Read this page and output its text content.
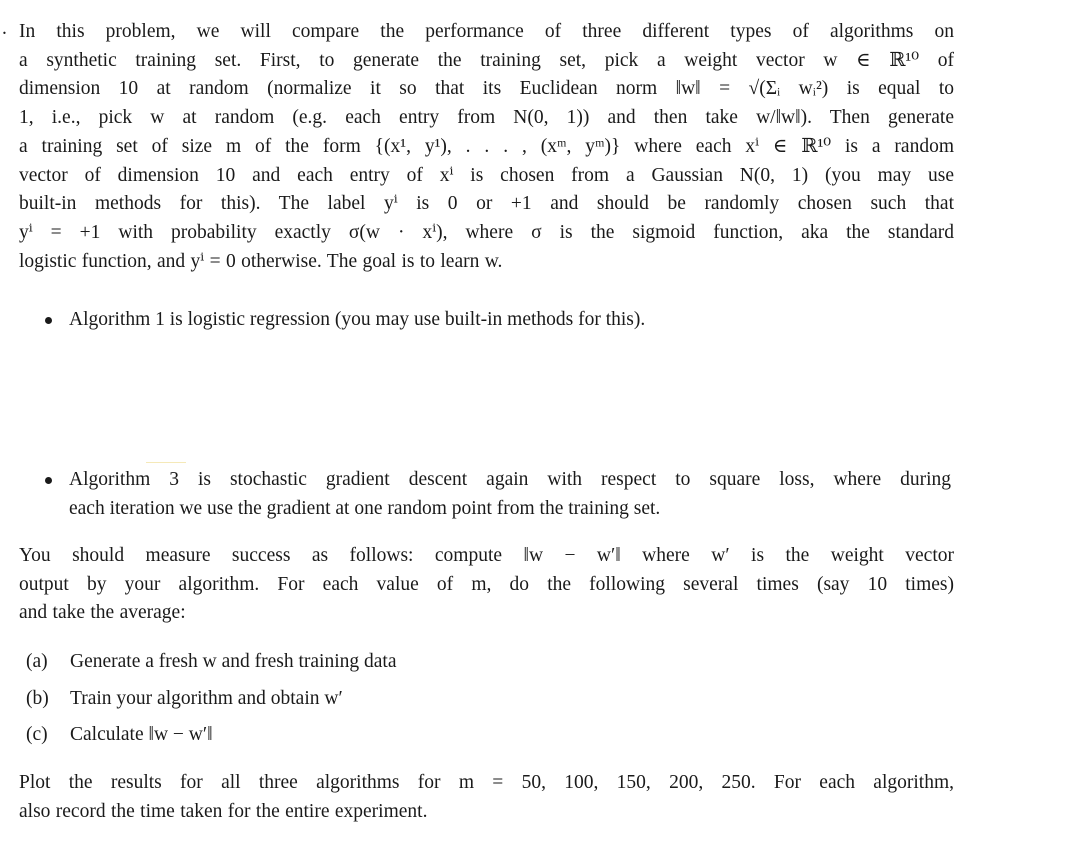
. In this problem, we will compare the performance of three different types of algorithms on
a synthetic training set. First, to generate the training set, pick a weight vector w ∈ ℝ¹⁰ of
dimension 10 at random (normalize it so that its Euclidean norm ‖w‖ = √(Σᵢ wᵢ²) is equal to
1, i.e., pick w at random (e.g. each entry from N(0, 1)) and then take w/‖w‖). Then generate
a training set of size m of the form {(x¹, y¹), . . . , (xᵐ, yᵐ)} where each xⁱ ∈ ℝ¹⁰ is a random
vector of dimension 10 and each entry of xⁱ is chosen from a Gaussian N(0, 1) (you may use
built-in methods for this). The label yⁱ is 0 or +1 and should be randomly chosen such that
yⁱ = +1 with probability exactly σ(w · xⁱ), where σ is the sigmoid function, aka the standard
logistic function, and yⁱ = 0 otherwise. The goal is to learn w.
Algorithm 1 is logistic regression (you may use built-in methods for this).
Algorithm 3 is stochastic gradient descent again with respect to square loss, where during
each iteration we use the gradient at one random point from the training set.
You should measure success as follows: compute ‖w − w′‖ where w′ is the weight vector
output by your algorithm. For each value of m, do the following several times (say 10 times)
and take the average:
(a) Generate a fresh w and fresh training data
(b) Train your algorithm and obtain w′
(c) Calculate ‖w − w′‖
Plot the results for all three algorithms for m = 50, 100, 150, 200, 250. For each algorithm,
also record the time taken for the entire experiment.
